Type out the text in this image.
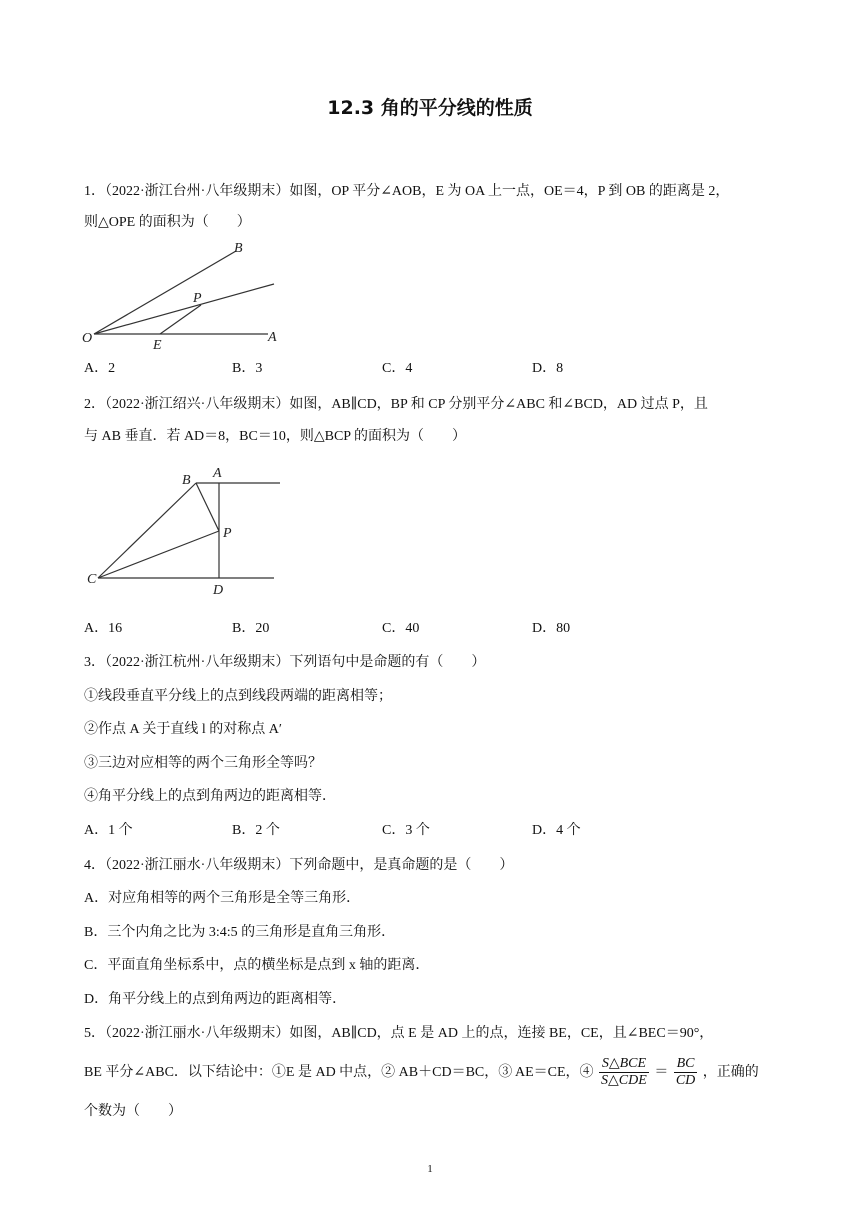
12.3 角的平分线的性质
1．（2022·浙江台州·八年级期末）如图，OP 平分∠AOB，E 为 OA 上一点，OE＝4，P 到 OB 的距离是 2，
则△OPE 的面积为（　　）
B
P
O	E
A
A．2	B．3	C．4	D．8
2．（2022·浙江绍兴·八年级期末）如图，AB∥CD，BP 和 CP 分别平分∠ABC 和∠BCD，AD 过点 P，且
与 AB 垂直．若 AD＝8，BC＝10，则△BCP 的面积为（　　）
B A
P
C
D
A．16	B．20	C．40	D．80
3．（2022·浙江杭州·八年级期末）下列语句中是命题的有（　　）
①线段垂直平分线上的点到线段两端的距离相等；
②作点 A 关于直线 l 的对称点 A′
③三边对应相等的两个三角形全等吗？
④角平分线上的点到角两边的距离相等．
A．1 个	B．2 个	C．3 个	D．4 个
4．（2022·浙江丽水·八年级期末）下列命题中，是真命题的是（　　）
A．对应角相等的两个三角形是全等三角形．
B．三个内角之比为 3:4:5 的三角形是直角三角形．
C．平面直角坐标系中，点的横坐标是点到 x 轴的距离．
D．角平分线上的点到角两边的距离相等．
5．（2022·浙江丽水·八年级期末）如图，AB∥CD，点 E 是 AD 上的点，连接 BE，CE，且∠BEC＝90°，
BE 平分∠ABC．以下结论中：①E 是 AD 中点，② AB＋CD＝BC，③ AE＝CE，④ $\frac{\text{S△BCE}}{\text{S△CDE}} = \frac{BC}{CD}$ ，正确的
个数为（　　）
1
